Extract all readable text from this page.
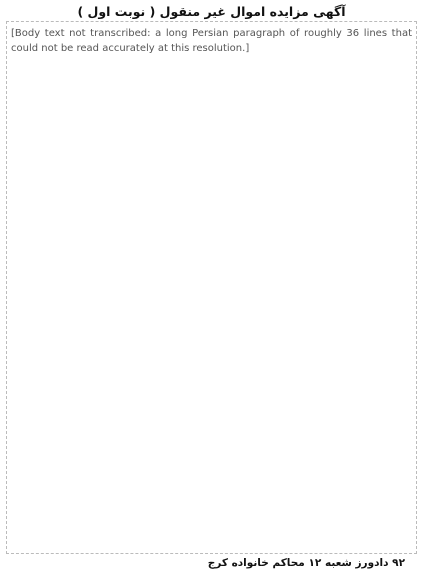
آگهی مزایده اموال غیر منقول ( نوبت اول )

[Body text not transcribed: a long Persian paragraph of roughly 36 lines that could not be read accurately at this resolution.]

۹۲ دادورز شعبه ۱۲ محاکم خانواده کرج
